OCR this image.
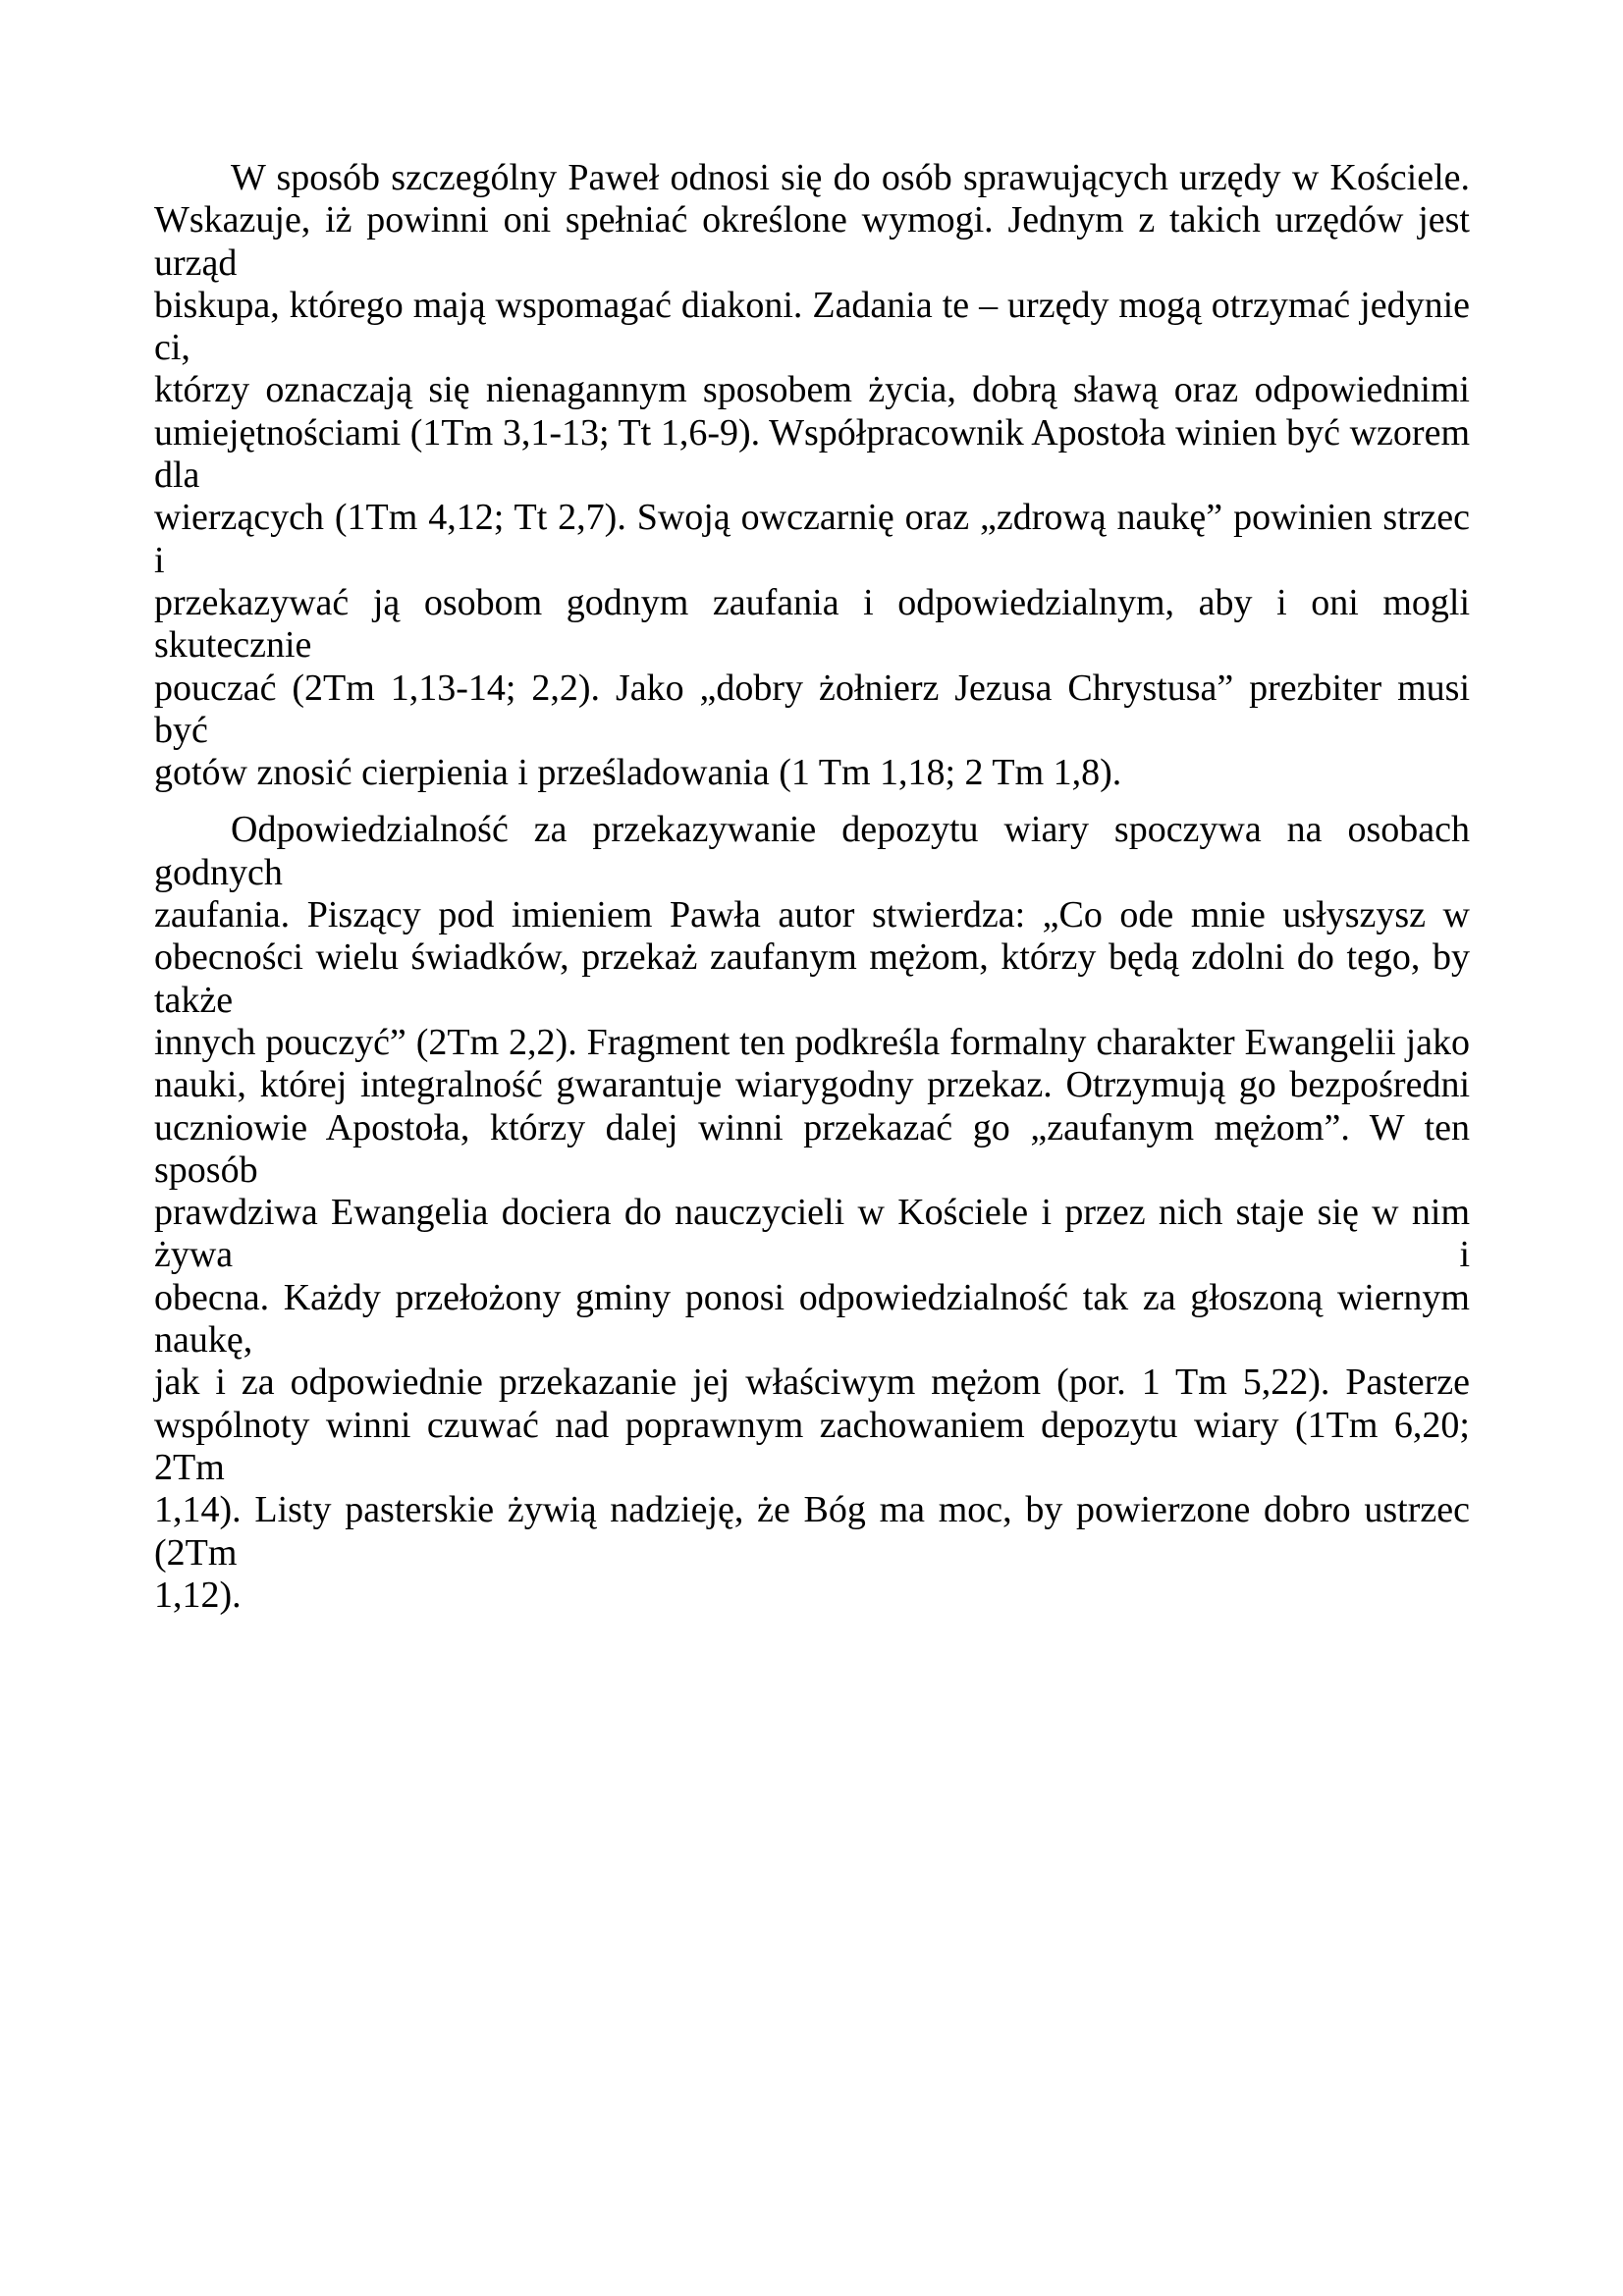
W sposób szczególny Paweł odnosi się do osób sprawujących urzędy w Kościele.
Wskazuje, iż powinni oni spełniać określone wymogi. Jednym z takich urzędów jest urząd
biskupa, którego mają wspomagać diakoni. Zadania te – urzędy mogą otrzymać jedynie ci,
którzy oznaczają się nienagannym sposobem życia, dobrą sławą oraz odpowiednimi
umiejętnościami (1Tm 3,1-13; Tt 1,6-9). Współpracownik Apostoła winien być wzorem dla
wierzących (1Tm 4,12; Tt 2,7). Swoją owczarnię oraz „zdrową naukę” powinien strzec i
przekazywać ją osobom godnym zaufania i odpowiedzialnym, aby i oni mogli skutecznie
pouczać (2Tm 1,13-14; 2,2). Jako „dobry żołnierz Jezusa Chrystusa” prezbiter musi być
gotów znosić cierpienia i prześladowania (1 Tm 1,18; 2 Tm 1,8).
Odpowiedzialność za przekazywanie depozytu wiary spoczywa na osobach godnych
zaufania. Piszący pod imieniem Pawła autor stwierdza: „Co ode mnie usłyszysz w
obecności wielu świadków, przekaż zaufanym mężom, którzy będą zdolni do tego, by także
innych pouczyć” (2Tm 2,2). Fragment ten podkreśla formalny charakter Ewangelii jako
nauki, której integralność gwarantuje wiarygodny przekaz. Otrzymują go bezpośredni
uczniowie Apostoła, którzy dalej winni przekazać go „zaufanym mężom”. W ten sposób
prawdziwa Ewangelia dociera do nauczycieli w Kościele i przez nich staje się w nim żywa i
obecna. Każdy przełożony gminy ponosi odpowiedzialność tak za głoszoną wiernym naukę,
jak i za odpowiednie przekazanie jej właściwym mężom (por. 1 Tm 5,22). Pasterze
wspólnoty winni czuwać nad poprawnym zachowaniem depozytu wiary (1Tm 6,20; 2Tm
1,14). Listy pasterskie żywią nadzieję, że Bóg ma moc, by powierzone dobro ustrzec (2Tm
1,12).
